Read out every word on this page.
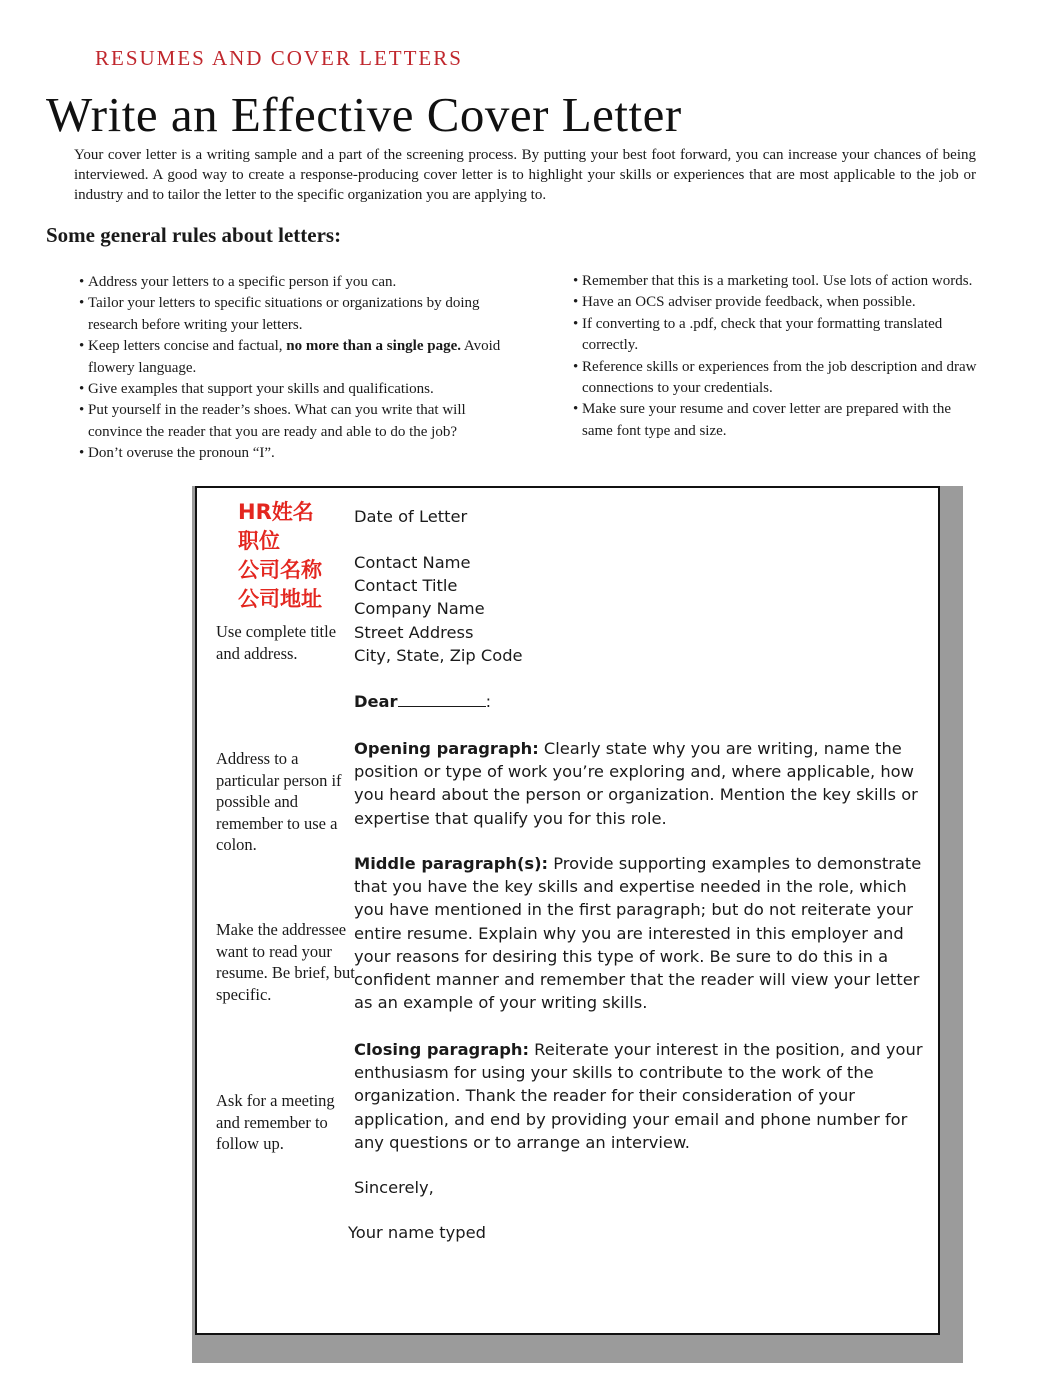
RESUMES AND COVER LETTERS
Write an Effective Cover Letter

Your cover letter is a writing sample and a part of the screening process. By putting your best foot forward, you can increase your chances of being interviewed. A good way to create a response-producing cover letter is to highlight your skills or experiences that are most applicable to the job or industry and to tailor the letter to the specific organization you are applying to.

Some general rules about letters:
• Address your letters to a specific person if you can.
• Tailor your letters to specific situations or organizations by doing research before writing your letters.
• Keep letters concise and factual, no more than a single page. Avoid flowery language.
• Give examples that support your skills and qualifications.
• Put yourself in the reader’s shoes. What can you write that will convince the reader that you are ready and able to do the job?
• Don’t overuse the pronoun “I”.
• Remember that this is a marketing tool. Use lots of action words.
• Have an OCS adviser provide feedback, when possible.
• If converting to a .pdf, check that your formatting translated correctly.
• Reference skills or experiences from the job description and draw connections to your credentials.
• Make sure your resume and cover letter are prepared with the same font type and size.
HR姓名
职位
公司名称
公司地址
Use complete title and address.
Address to a particular person if possible and remember to use a colon.
Make the addressee want to read your resume. Be brief, but specific.
Ask for a meeting and remember to follow up.
Date of Letter
Contact Name
Contact Title
Company Name
Street Address
City, State, Zip Code
Dear	:
Opening paragraph: Clearly state why you are writing, name the position or type of work you’re exploring and, where applicable, how you heard about the person or organization. Mention the key skills or expertise that qualify you for this role.
Middle paragraph(s): Provide supporting examples to demonstrate that you have the key skills and expertise needed in the role, which you have mentioned in the first paragraph; but do not reiterate your entire resume. Explain why you are interested in this employer and your reasons for desiring this type of work. Be sure to do this in a confident manner and remember that the reader will view your letter as an example of your writing skills.
Closing paragraph: Reiterate your interest in the position, and your enthusiasm for using your skills to contribute to the work of the organization. Thank the reader for their consideration of your application, and end by providing your email and phone number for any questions or to arrange an interview.
Sincerely,
Your name typed
